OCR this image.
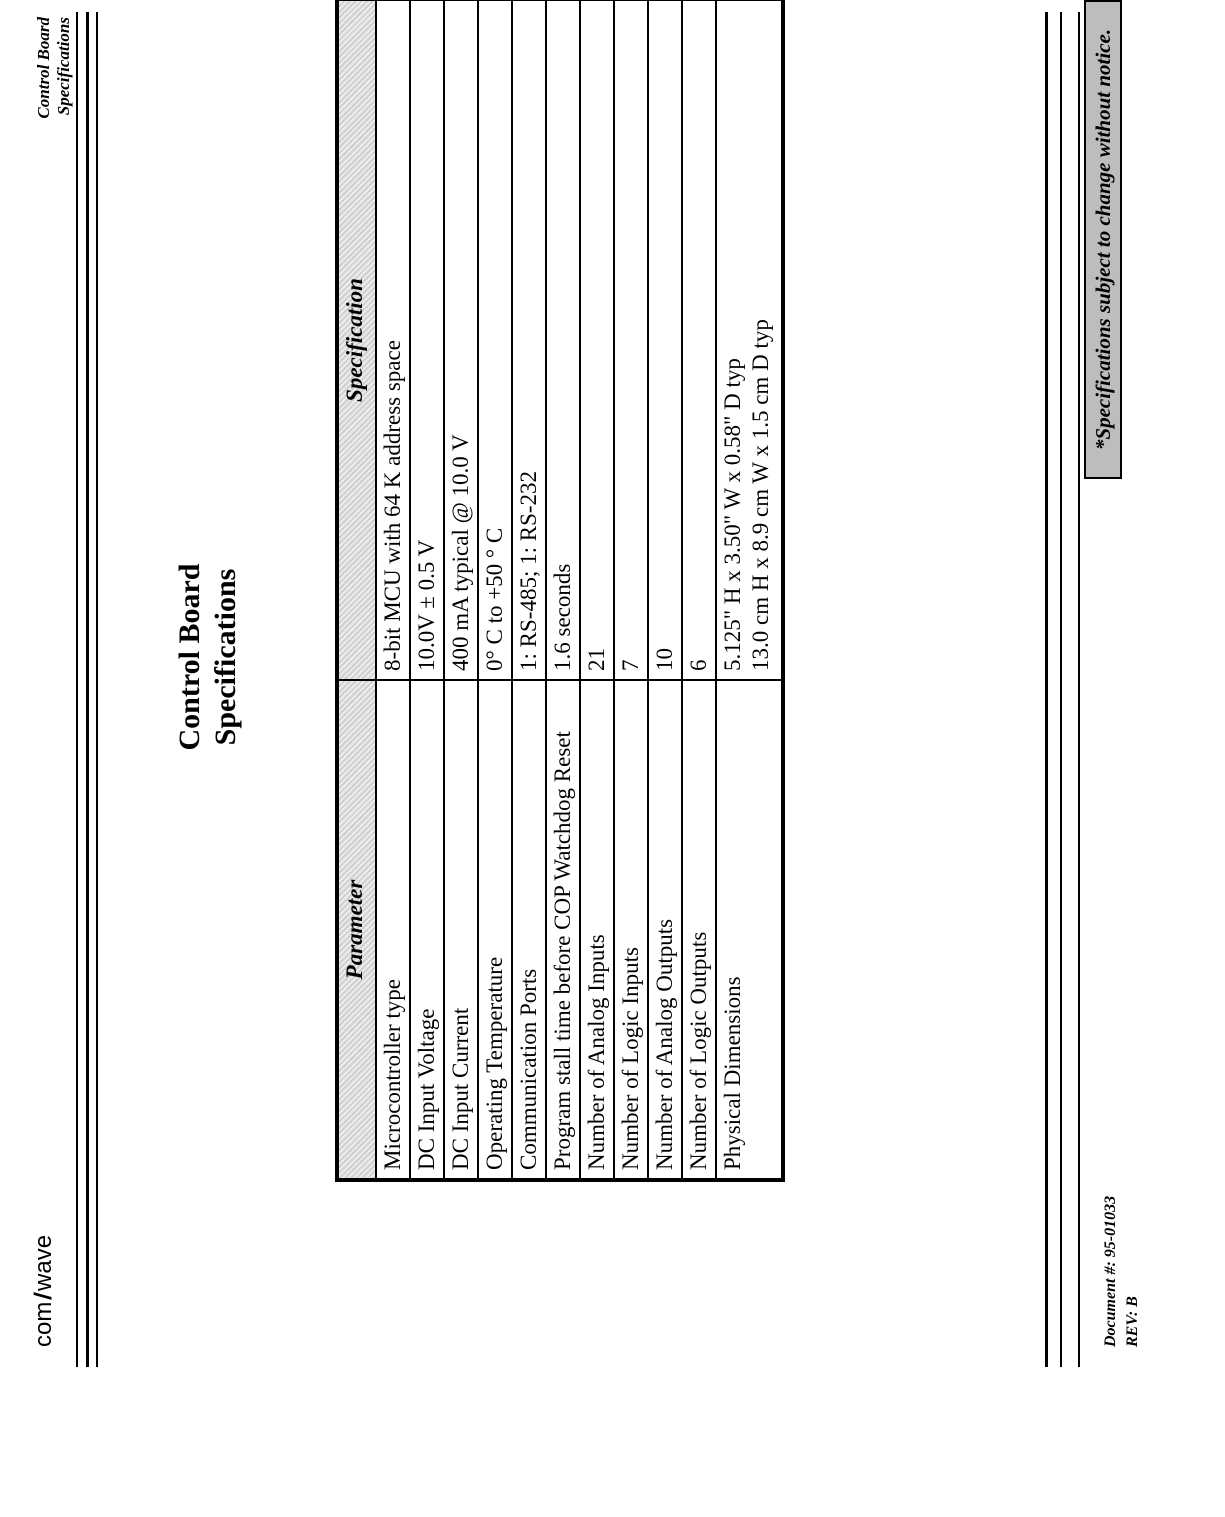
com\wave
Control Board Specifications
Control Board Specifications
Parameter	Specification
Microcontroller type	8-bit MCU with 64 K address space
DC Input Voltage	10.0V ± 0.5 V
DC Input Current	400 mA typical @ 10.0 V
Operating Temperature	0° C to +50 ° C
Communication Ports	1: RS-485; 1: RS-232
Program stall time before COP Watchdog Reset	1.6 seconds
Number of Analog Inputs	21
Number of Logic Inputs	7
Number of Analog Outputs	10
Number of Logic Outputs	6
Physical Dimensions	5.125" H x 3.50" W x 0.58" D typ 13.0 cm H x 8.9 cm W x 1.5 cm D typ
Document #: 95-01033 REV: B
*Specifications subject to change without notice.
